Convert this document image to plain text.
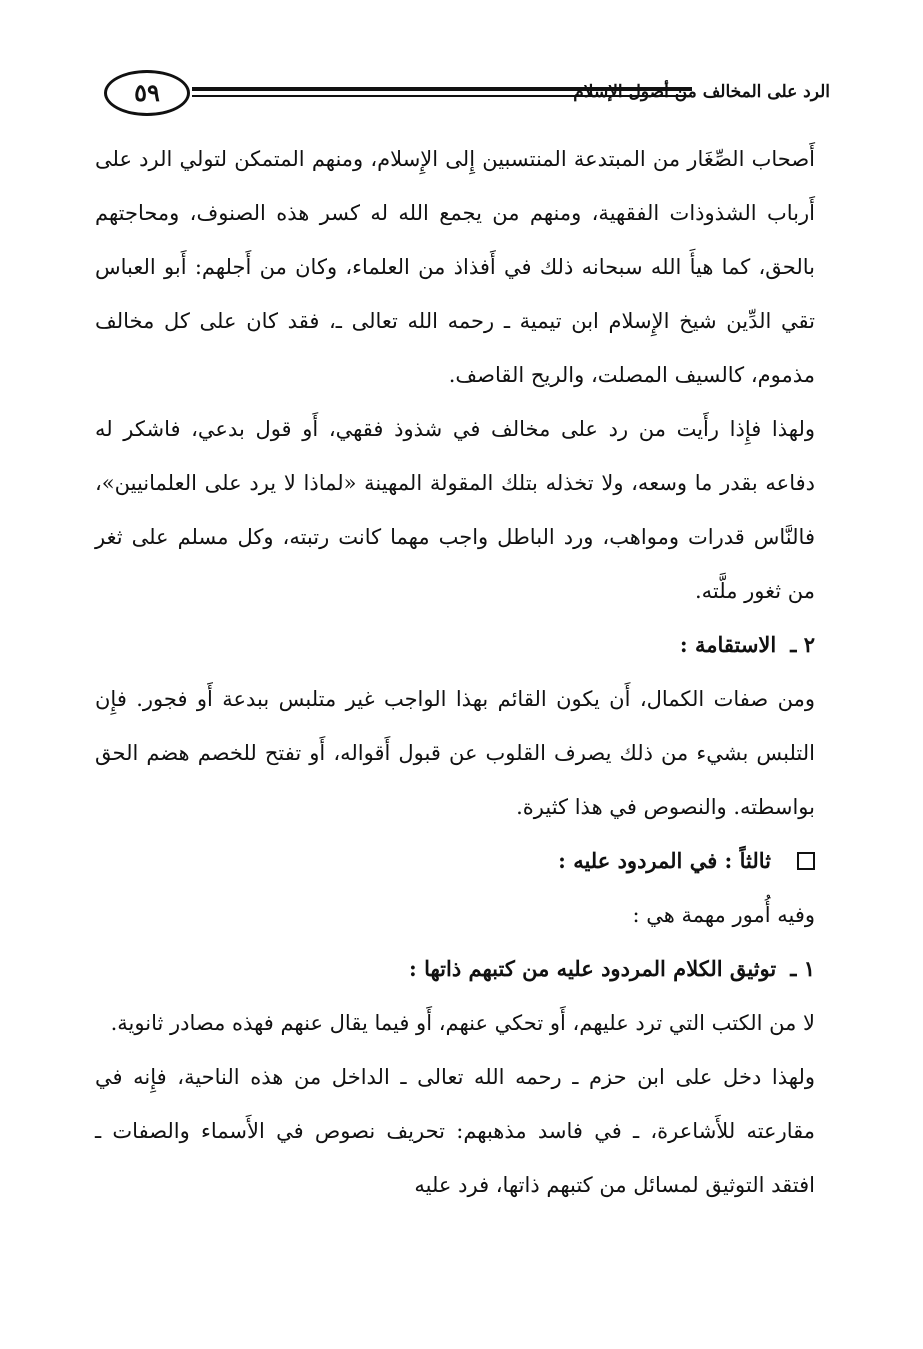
٥٩	الرد على المخالف من أصول الإسلام

أَصحاب الصِّغَار من المبتدعة المنتسبين إِلى الإِسلام، ومنهم المتمكن لتولي الرد على أَرباب الشذوذات الفقهية، ومنهم من يجمع الله له كسر هذه الصنوف، ومحاجتهم بالحق، كما هيأَ الله سبحانه ذلك في أَفذاذ من العلماء، وكان من أَجلهم: أَبو العباس تقي الدِّين شيخ الإِسلام ابن تيمية ـ رحمه الله تعالى ـ، فقد كان على كل مخالف مذموم، كالسيف المصلت، والريح القاصف.

ولهذا فإِذا رأَيت من رد على مخالف في شذوذ فقهي، أَو قول بدعي، فاشكر له دفاعه بقدر ما وسعه، ولا تخذله بتلك المقولة المهينة «لماذا لا يرد على العلمانيين»، فالنَّاس قدرات ومواهب، ورد الباطل واجب مهما كانت رتبته، وكل مسلم على ثغر من ثغور ملَّته.

٢ ـ
الاستقامة :

ومن صفات الكمال، أَن يكون القائم بهذا الواجب غير متلبس ببدعة أَو فجور. فإِن التلبس بشيء من ذلك يصرف القلوب عن قبول أَقواله، أَو تفتح للخصم هضم الحق بواسطته. والنصوص في هذا كثيرة.

ثالثاً : في المردود عليه :

وفيه أُمور مهمة هي :

١ ـ
توثيق الكلام المردود عليه من كتبهم ذاتها :

لا من الكتب التي ترد عليهم، أَو تحكي عنهم، أَو فيما يقال عنهم فهذه مصادر ثانوية.

ولهذا دخل على ابن حزم ـ رحمه الله تعالى ـ الداخل من هذه الناحية، فإِنه في مقارعته للأَشاعرة، ـ في فاسد مذهبهم: تحريف نصوص في الأَسماء والصفات ـ افتقد التوثيق لمسائل من كتبهم ذاتها، فرد عليه
